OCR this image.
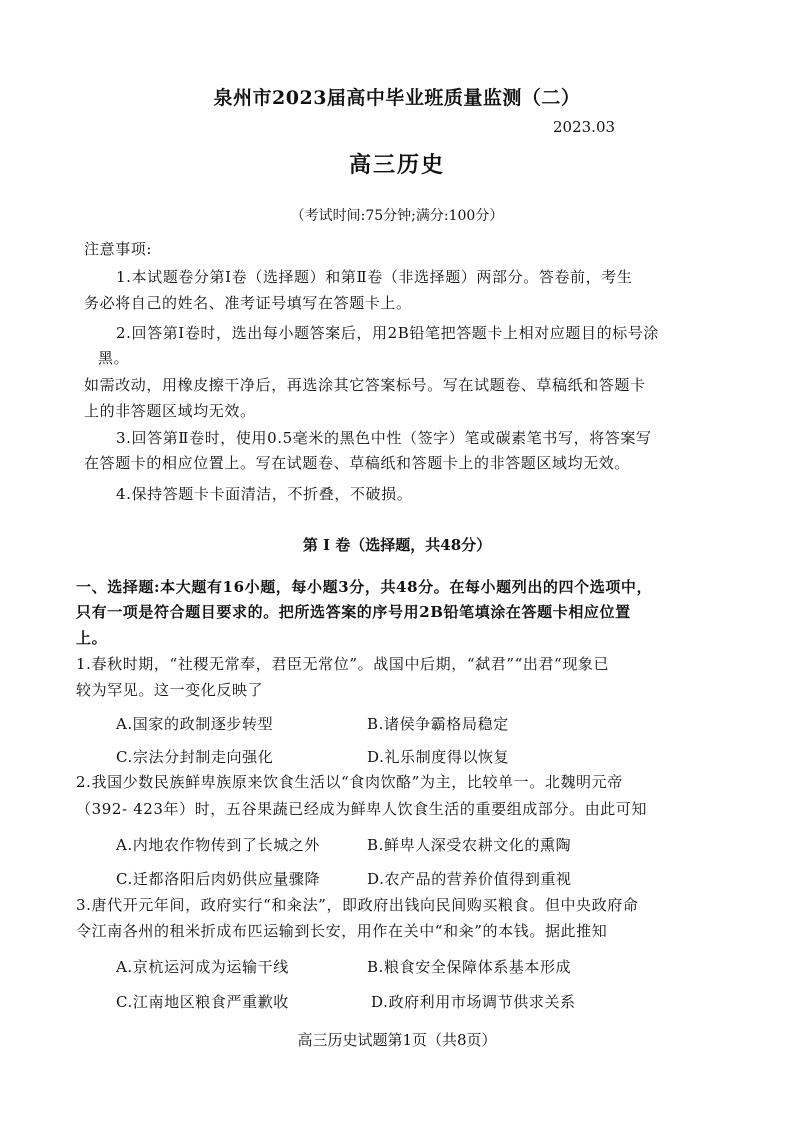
泉州市2023届高中毕业班质量监测（二）
2023.03
高三历史
（考试时间:75分钟;满分:100分）
注意事项:
1.本试题卷分第Ⅰ卷（选择题）和第Ⅱ卷（非选择题）两部分。答卷前，考生
务必将自己的姓名、准考证号填写在答题卡上。
2.回答第Ⅰ卷时，选出每小题答案后，用2B铅笔把答题卡上相对应题目的标号涂
黑。
如需改动，用橡皮擦干净后，再选涂其它答案标号。写在试题卷、草稿纸和答题卡
上的非答题区域均无效。
3.回答第Ⅱ卷时，使用0.5毫米的黑色中性（签字）笔或碳素笔书写，将答案写
在答题卡的相应位置上。写在试题卷、草稿纸和答题卡上的非答题区域均无效。
4.保持答题卡卡面清洁，不折叠，不破损。
第 I 卷（选择题，共48分）
一、选择题:本大题有16小题，每小题3分，共48分。在每小题列出的四个选项中，
只有一项是符合题目要求的。把所选答案的序号用2B铅笔填涂在答题卡相应位置
上。
1.春秋时期，“社稷无常奉，君臣无常位”。战国中后期，“弑君”“出君“现象已
较为罕见。这一变化反映了
A.国家的政制逐步转型	B.诸侯争霸格局稳定
C.宗法分封制走向强化	D.礼乐制度得以恢复
2.我国少数民族鲜卑族原来饮食生活以“食肉饮酪”为主，比较单一。北魏明元帝
（392- 423年）时，五谷果蔬已经成为鲜卑人饮食生活的重要组成部分。由此可知
A.内地农作物传到了长城之外	B.鲜卑人深受农耕文化的熏陶
C.迁都洛阳后肉奶供应量骤降	D.农产品的营养价值得到重视
3.唐代开元年间，政府实行“和籴法”，即政府出钱向民间购买粮食。但中央政府命
令江南各州的租米折成布匹运输到长安，用作在关中“和籴”的本钱。据此推知
A.京杭运河成为运输干线	B.粮食安全保障体系基本形成
C.江南地区粮食严重歉收	D.政府利用市场调节供求关系
高三历史试题第1页（共8页）
